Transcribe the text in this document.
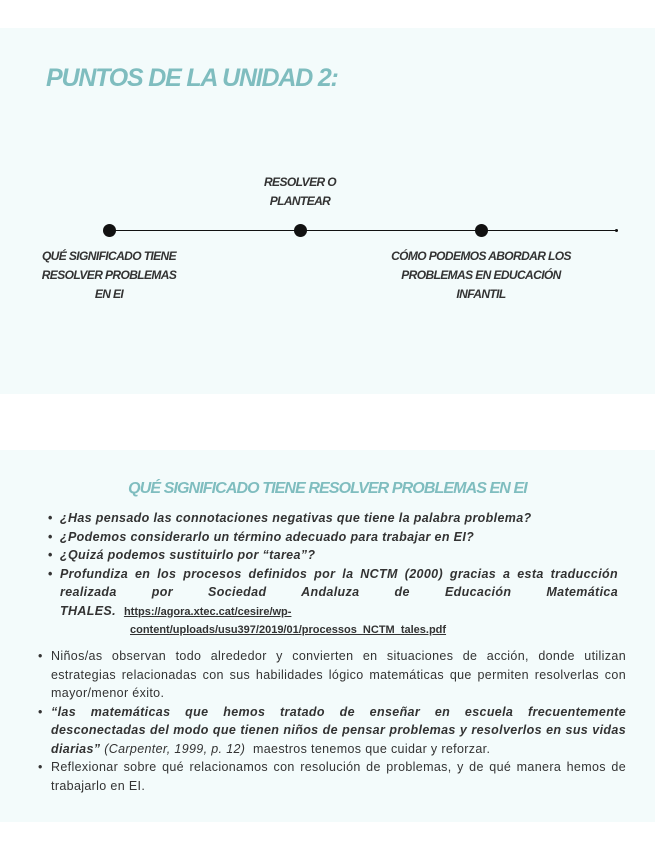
PUNTOS DE LA UNIDAD 2:
RESOLVER O PLANTEAR
QUÉ SIGNIFICADO TIENE RESOLVER PROBLEMAS EN EI
CÓMO PODEMOS ABORDAR LOS PROBLEMAS EN EDUCACIÓN INFANTIL
QUÉ SIGNIFICADO TIENE RESOLVER PROBLEMAS EN EI
• ¿Has pensado las connotaciones negativas que tiene la palabra problema?
• ¿Podemos considerarlo un término adecuado para trabajar en EI?
• ¿Quizá podemos sustituirlo por “tarea”?
• Profundiza en los procesos definidos por la NCTM (2000) gracias a esta traducción realizada por Sociedad Andaluza de Educación Matemática THALES. https://agora.xtec.cat/cesire/wp-
content/uploads/usu397/2019/01/processos_NCTM_tales.pdf
• Niños/as observan todo alrededor y convierten en situaciones de acción, donde utilizan estrategias relacionadas con sus habilidades lógico matemáticas que permiten resolverlas con mayor/menor éxito.
• “las matemáticas que hemos tratado de enseñar en escuela frecuentemente desconectadas del modo que tienen niños de pensar problemas y resolverlos en sus vidas diarias” (Carpenter, 1999, p. 12) maestros tenemos que cuidar y reforzar.
• Reflexionar sobre qué relacionamos con resolución de problemas, y de qué manera hemos de trabajarlo en EI.
